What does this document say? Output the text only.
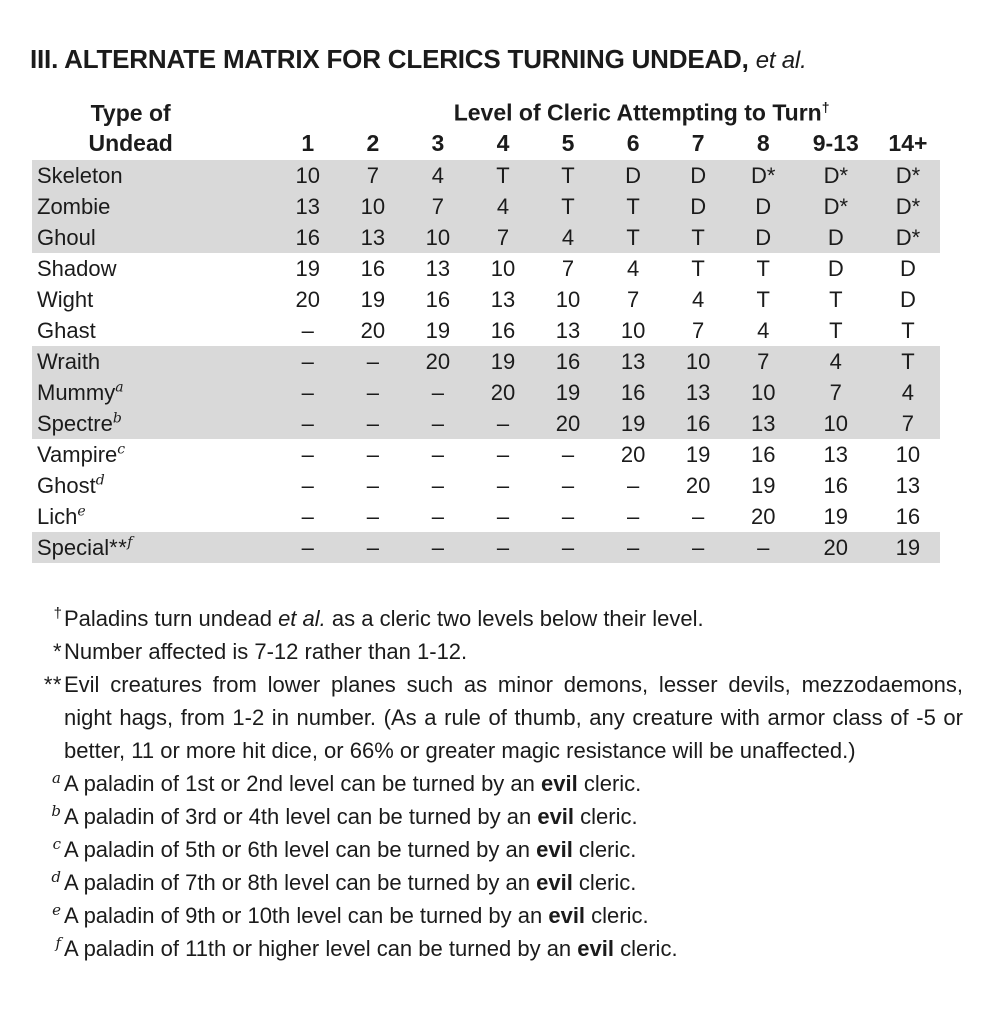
III. ALTERNATE MATRIX FOR CLERICS TURNING UNDEAD, et al.
Type of	Level of Cleric Attempting to Turn†
Undead	1	2	3	4	5	6	7	8	9-13	14+
Skeleton	10	7	4	T	T	D	D	D*	D*	D*
Zombie	13	10	7	4	T	T	D	D	D*	D*
Ghoul	16	13	10	7	4	T	T	D	D	D*
Shadow	19	16	13	10	7	4	T	T	D	D
Wight	20	19	16	13	10	7	4	T	T	D
Ghast	–	20	19	16	13	10	7	4	T	T
Wraith	–	–	20	19	16	13	10	7	4	T
Mummy$^a$	–	–	–	20	19	16	13	10	7	4
Spectre$^b$	–	–	–	–	20	19	16	13	10	7
Vampire$^c$	–	–	–	–	–	20	19	16	13	10
Ghost$^d$	–	–	–	–	–	–	20	19	16	13
Lich$^e$	–	–	–	–	–	–	–	20	19	16
Special**$^f$	–	–	–	–	–	–	–	–	20	19
† Paladins turn undead et al. as a cleric two levels below their level.
* Number affected is 7-12 rather than 1-12.
** Evil creatures from lower planes such as minor demons, lesser devils, mezzodaemons, night hags, from 1-2 in number. (As a rule of thumb, any creature with armor class of -5 or better, 11 or more hit dice, or 66% or greater magic resistance will be unaffected.)
a A paladin of 1st or 2nd level can be turned by an evil cleric.
b A paladin of 3rd or 4th level can be turned by an evil cleric.
c A paladin of 5th or 6th level can be turned by an evil cleric.
d A paladin of 7th or 8th level can be turned by an evil cleric.
e A paladin of 9th or 10th level can be turned by an evil cleric.
f A paladin of 11th or higher level can be turned by an evil cleric.
